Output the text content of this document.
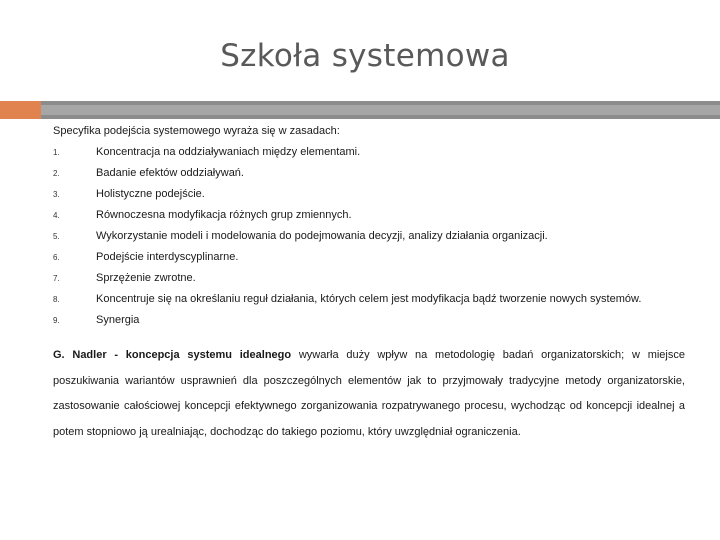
Szkoła systemowa

Specyfika podejścia systemowego wyraża się w zasadach:

1.	Koncentracja na oddziaływaniach między elementami.
2.	Badanie efektów oddziaływań.
3.	Holistyczne podejście.
4.	Równoczesna modyfikacja różnych grup zmiennych.
5.	Wykorzystanie modeli i modelowania do podejmowania decyzji, analizy działania organizacji.
6.	Podejście interdyscyplinarne.
7.	Sprzężenie zwrotne.
8.	Koncentruje się na określaniu reguł działania, których celem jest modyfikacja bądź tworzenie nowych systemów.
9.	Synergia

G. Nadler - koncepcja systemu idealnego wywarła duży wpływ na metodologię badań organizatorskich; w miejsce poszukiwania wariantów usprawnień dla poszczególnych elementów jak to przyjmowały tradycyjne metody organizatorskie, zastosowanie całościowej koncepcji efektywnego zorganizowania rozpatrywanego procesu, wychodząc od koncepcji idealnej a potem stopniowo ją urealniając, dochodząc do takiego poziomu, który uwzględniał ograniczenia.
